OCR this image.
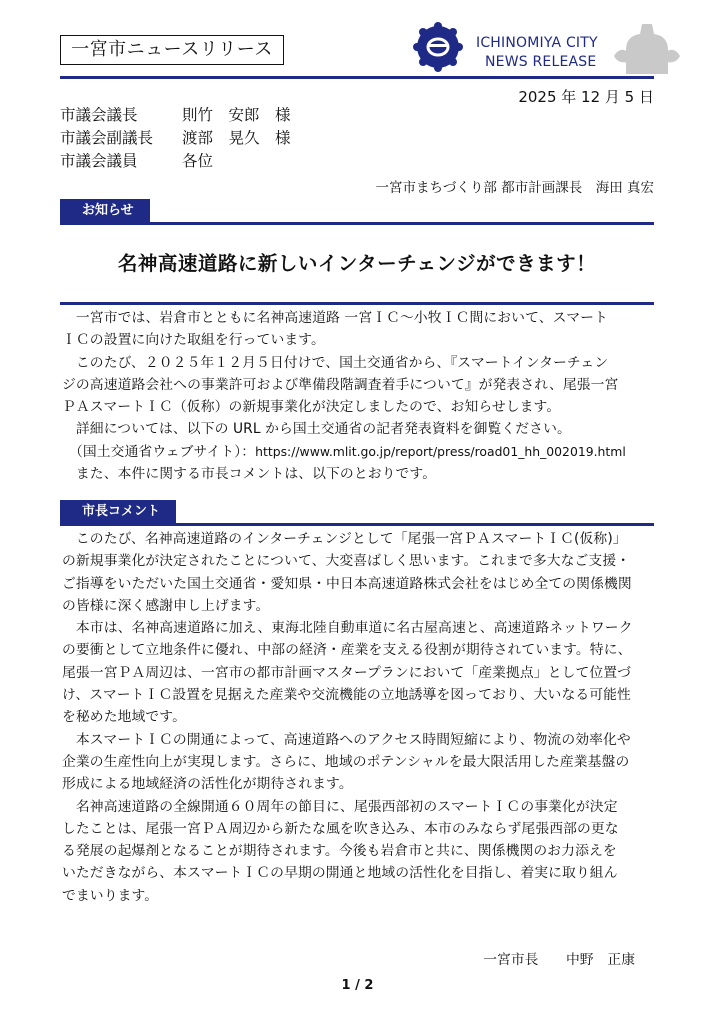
一宮市ニュースリリース	ICHINOMIYA CITY
NEWS RELEASE
2025 年 12 月 5 日
市議会議長	則竹　安郎　様
市議会副議長 渡部　晃久　様
市議会議員	各位
一宮市まちづくり部 都市計画課長　海田 真宏
お知らせ
名神高速道路に新しいインターチェンジができます！

　一宮市では、岩倉市とともに名神高速道路 一宮ＩＣ～小牧ＩＣ間において、スマート

ＩＣの設置に向けた取組を行っています。

　このたび、２０２５年１２月５日付けで、国土交通省から、『スマートインターチェン

ジの高速道路会社への事業許可および準備段階調査着手について』が発表され、尾張一宮

ＰＡスマートＩＣ（仮称）の新規事業化が決定しましたので、お知らせします。

　詳細については、以下の URL から国土交通省の記者発表資料を御覧ください。

　（国土交通省ウェブサイト）：https://www.mlit.go.jp/report/press/road01_hh_002019.html

　また、本件に関する市長コメントは、以下のとおりです。

市長コメント

　このたび、名神高速道路のインターチェンジとして「尾張一宮ＰＡスマートＩＣ(仮称)」

の新規事業化が決定されたことについて、大変喜ばしく思います。これまで多大なご支援・

ご指導をいただいた国土交通省・愛知県・中日本高速道路株式会社をはじめ全ての関係機関

の皆様に深く感謝申し上げます。

　本市は、名神高速道路に加え、東海北陸自動車道に名古屋高速と、高速道路ネットワーク

の要衝として立地条件に優れ、中部の経済・産業を支える役割が期待されています。特に、

尾張一宮ＰＡ周辺は、一宮市の都市計画マスタープランにおいて「産業拠点」として位置づ

け、スマートＩＣ設置を見据えた産業や交流機能の立地誘導を図っており、大いなる可能性

を秘めた地域です。

　本スマートＩＣの開通によって、高速道路へのアクセス時間短縮により、物流の効率化や

企業の生産性向上が実現します。さらに、地域のポテンシャルを最大限活用した産業基盤の

形成による地域経済の活性化が期待されます。

　名神高速道路の全線開通６０周年の節目に、尾張西部初のスマートＩＣの事業化が決定

したことは、尾張一宮ＰＡ周辺から新たな風を吹き込み、本市のみならず尾張西部の更な

る発展の起爆剤となることが期待されます。今後も岩倉市と共に、関係機関のお力添えを

いただきながら、本スマートＩＣの早期の開通と地域の活性化を目指し、着実に取り組ん

でまいります。

一宮市長　　中野　正康
1 / 2
